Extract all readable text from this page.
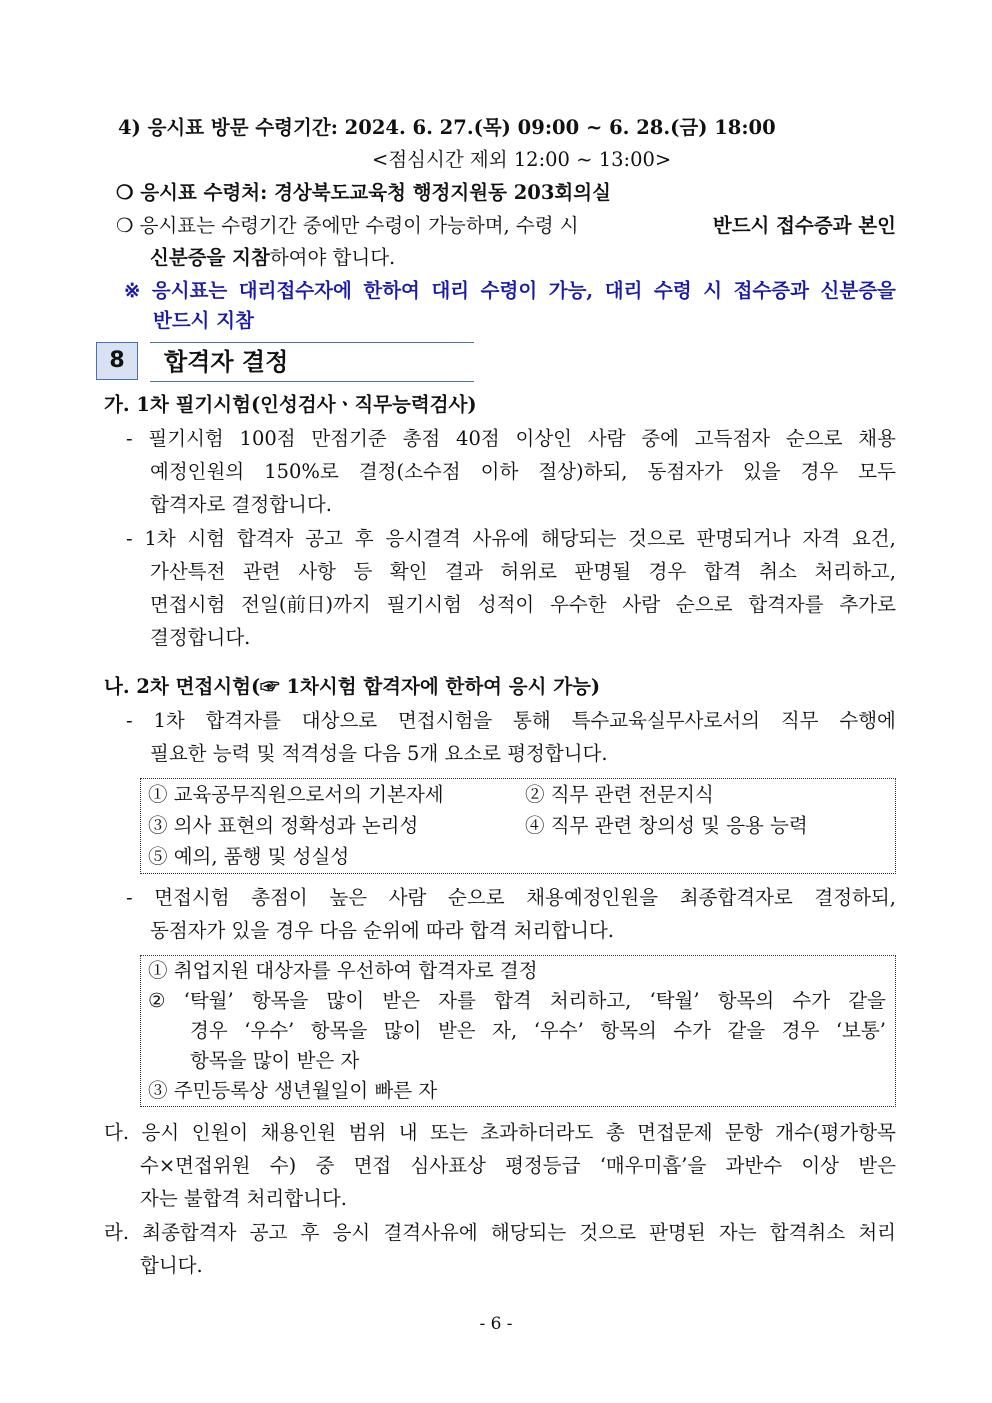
4) 응시표 방문 수령기간: 2024. 6. 27.(목) 09:00 ~ 6. 28.(금) 18:00
<점심시간 제외 12:00 ~ 13:00>
❍ 응시표 수령처: 경상북도교육청 행정지원동 203회의실
❍ 응시표는 수령기간 중에만 수령이 가능하며, 수령 시	반드시 접수증과 본인
신분증을 지참하여야 합니다.
※ 응시표는 대리접수자에 한하여 대리 수령이 가능, 대리 수령 시 접수증과 신분증을
반드시 지참
8	합격자 결정
가. 1차 필기시험(인성검사ㆍ직무능력검사)
- 필기시험 100점 만점기준 총점 40점 이상인 사람 중에 고득점자 순으로 채용
예정인원의 150%로 결정(소수점 이하 절상)하되, 동점자가 있을 경우 모두
합격자로 결정합니다.
- 1차 시험 합격자 공고 후 응시결격 사유에 해당되는 것으로 판명되거나 자격 요건,
가산특전 관련 사항 등 확인 결과 허위로 판명될 경우 합격 취소 처리하고,
면접시험 전일(前日)까지 필기시험 성적이 우수한 사람 순으로 합격자를 추가로
결정합니다.
나. 2차 면접시험(☞ 1차시험 합격자에 한하여 응시 가능)
- 1차 합격자를 대상으로 면접시험을 통해 특수교육실무사로서의 직무 수행에
필요한 능력 및 적격성을 다음 5개 요소로 평정합니다.
① 교육공무직원으로서의 기본자세	② 직무 관련 전문지식
③ 의사 표현의 정확성과 논리성	④ 직무 관련 창의성 및 응용 능력
⑤ 예의, 품행 및 성실성
- 면접시험 총점이 높은 사람 순으로 채용예정인원을 최종합격자로 결정하되,
동점자가 있을 경우 다음 순위에 따라 합격 처리합니다.
① 취업지원 대상자를 우선하여 합격자로 결정
② ‘탁월’ 항목을 많이 받은 자를 합격 처리하고, ‘탁월’ 항목의 수가 같을
경우 ‘우수’ 항목을 많이 받은 자, ‘우수’ 항목의 수가 같을 경우 ‘보통’
항목을 많이 받은 자
③ 주민등록상 생년월일이 빠른 자
다. 응시 인원이 채용인원 범위 내 또는 초과하더라도 총 면접문제 문항 개수(평가항목
수×면접위원 수) 중 면접 심사표상 평정등급 ‘매우미흡’을 과반수 이상 받은
자는 불합격 처리합니다.
라. 최종합격자 공고 후 응시 결격사유에 해당되는 것으로 판명된 자는 합격취소 처리
합니다.
- 6 -
